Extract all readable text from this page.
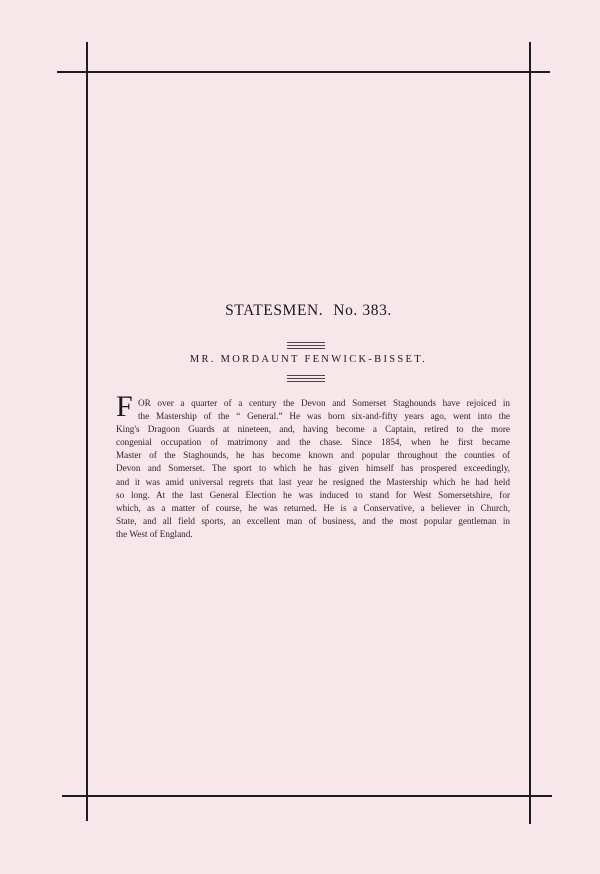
STATESMEN. No. 383.
MR. MORDAUNT FENWICK-BISSET.
F OR over a quarter of a century the Devon and Somerset Staghounds have rejoiced in
the Mastership of the “ General.” He was born six-and-fifty years ago, went into the
King's Dragoon Guards at nineteen, and, having become a Captain, retired to the more
congenial occupation of matrimony and the chase. Since 1854, when he first became
Master of the Staghounds, he has become known and popular throughout the counties of
Devon and Somerset. The sport to which he has given himself has prospered exceedingly,
and it was amid universal regrets that last year he resigned the Mastership which he had held
so long. At the last General Election he was induced to stand for West Somersetshire, for
which, as a matter of course, he was returned. He is a Conservative, a believer in Church,
State, and all field sports, an excellent man of business, and the most popular gentleman in
the West of England.
